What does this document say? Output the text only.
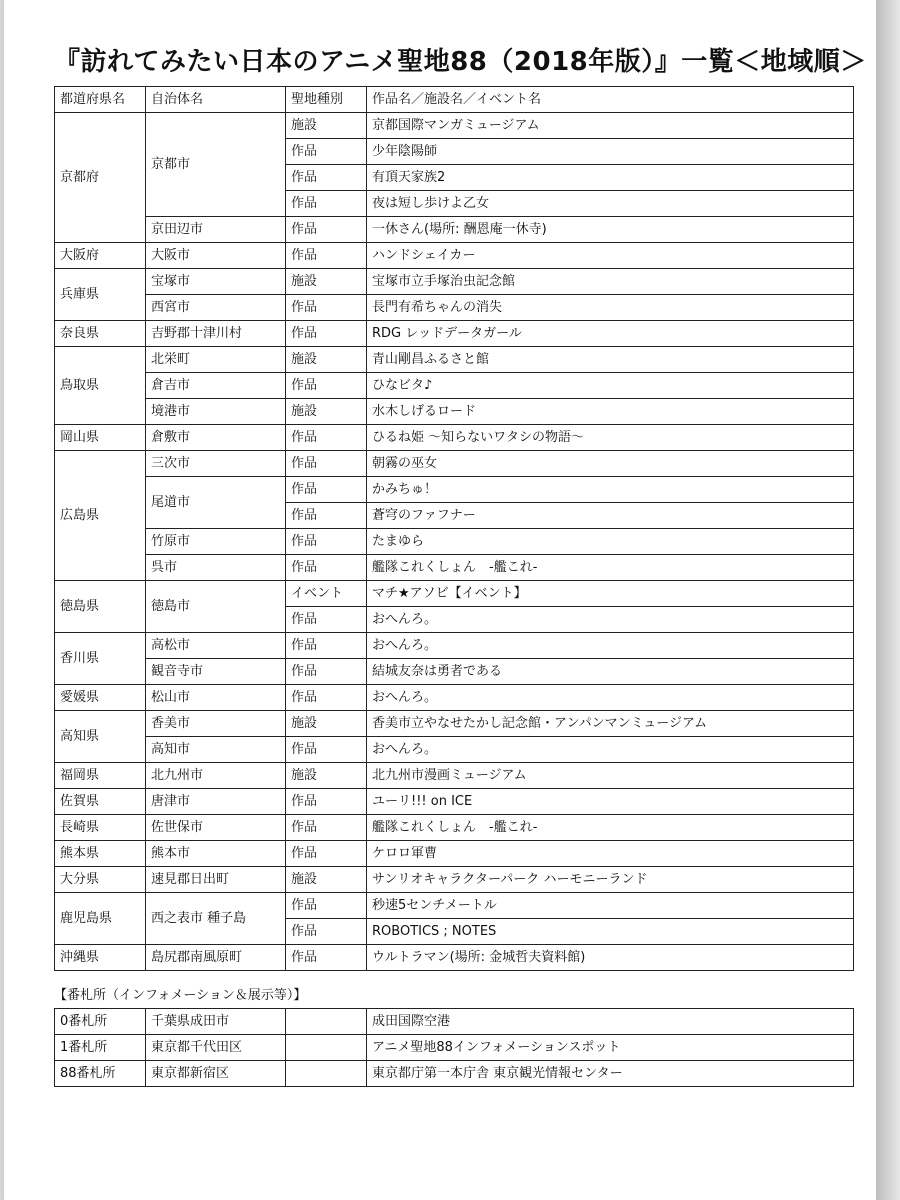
『訪れてみたい日本のアニメ聖地88（2018年版）』一覧＜地域順＞
都道府県名	自治体名	聖地種別	作品名／施設名／イベント名
京都府	京都市	施設	京都国際マンガミュージアム
		作品	少年陰陽師
		作品	有頂天家族2
		作品	夜は短し歩けよ乙女
	京田辺市	作品	一休さん(場所: 酬恩庵一休寺)
大阪府	大阪市	作品	ハンドシェイカー
兵庫県	宝塚市	施設	宝塚市立手塚治虫記念館
	西宮市	作品	長門有希ちゃんの消失
奈良県	吉野郡十津川村	作品	RDG レッドデータガール
鳥取県	北栄町	施設	青山剛昌ふるさと館
	倉吉市	作品	ひなビタ♪
	境港市	施設	水木しげるロード
岡山県	倉敷市	作品	ひるね姫 ～知らないワタシの物語～
広島県	三次市	作品	朝霧の巫女
	尾道市	作品	かみちゅ！
		作品	蒼穹のファフナー
	竹原市	作品	たまゆら
	呉市	作品	艦隊これくしょん　-艦これ-
徳島県	徳島市	イベント	マチ★アソビ【イベント】
		作品	おへんろ。
香川県	高松市	作品	おへんろ。
	観音寺市	作品	結城友奈は勇者である
愛媛県	松山市	作品	おへんろ。
高知県	香美市	施設	香美市立やなせたかし記念館・アンパンマンミュージアム
	高知市	作品	おへんろ。
福岡県	北九州市	施設	北九州市漫画ミュージアム
佐賀県	唐津市	作品	ユーリ!!! on ICE
長崎県	佐世保市	作品	艦隊これくしょん　-艦これ-
熊本県	熊本市	作品	ケロロ軍曹
大分県	速見郡日出町	施設	サンリオキャラクターパーク ハーモニーランド
鹿児島県	西之表市 種子島	作品	秒速5センチメートル
		作品	ROBOTICS ; NOTES
沖縄県	島尻郡南風原町	作品	ウルトラマン(場所: 金城哲夫資料館)
【番札所（インフォメーション＆展示等）】
0番札所	千葉県成田市		成田国際空港
1番札所	東京都千代田区		アニメ聖地88インフォメーションスポット
88番札所	東京都新宿区		東京都庁第一本庁舎 東京観光情報センター
